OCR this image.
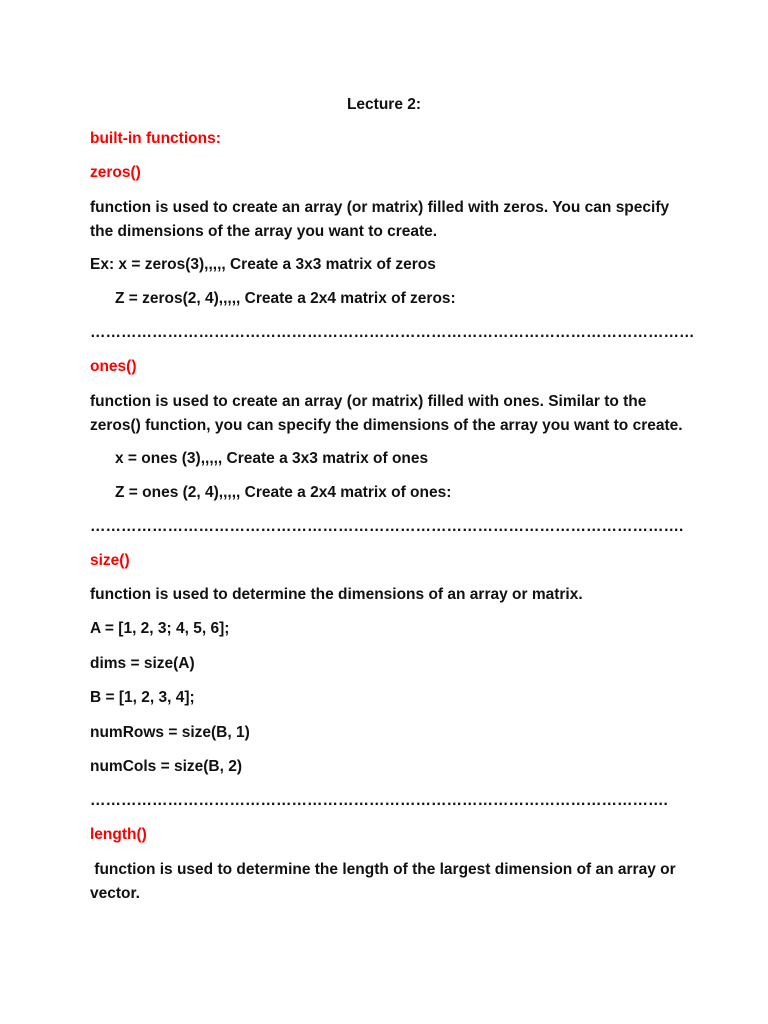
Lecture 2:
built-in functions:
zeros()
function is used to create an array (or matrix) filled with zeros. You can specify
the dimensions of the array you want to create.
Ex: x = zeros(3),,,,, Create a 3x3 matrix of zeros
Z = zeros(2, 4),,,,, Create a 2x4 matrix of zeros:
………………………………………………………………………………………………………
ones()
function is used to create an array (or matrix) filled with ones. Similar to the
zeros() function, you can specify the dimensions of the array you want to create.
x = ones (3),,,,, Create a 3x3 matrix of ones
Z = ones (2, 4),,,,, Create a 2x4 matrix of ones:
…………………………………………………………………………………………………….
size()
function is used to determine the dimensions of an array or matrix.
A = [1, 2, 3; 4, 5, 6];
dims = size(A)
B = [1, 2, 3, 4];
numRows = size(B, 1)
numCols = size(B, 2)
………………………………………………………………………………………………….
length()
function is used to determine the length of the largest dimension of an array or
vector.
